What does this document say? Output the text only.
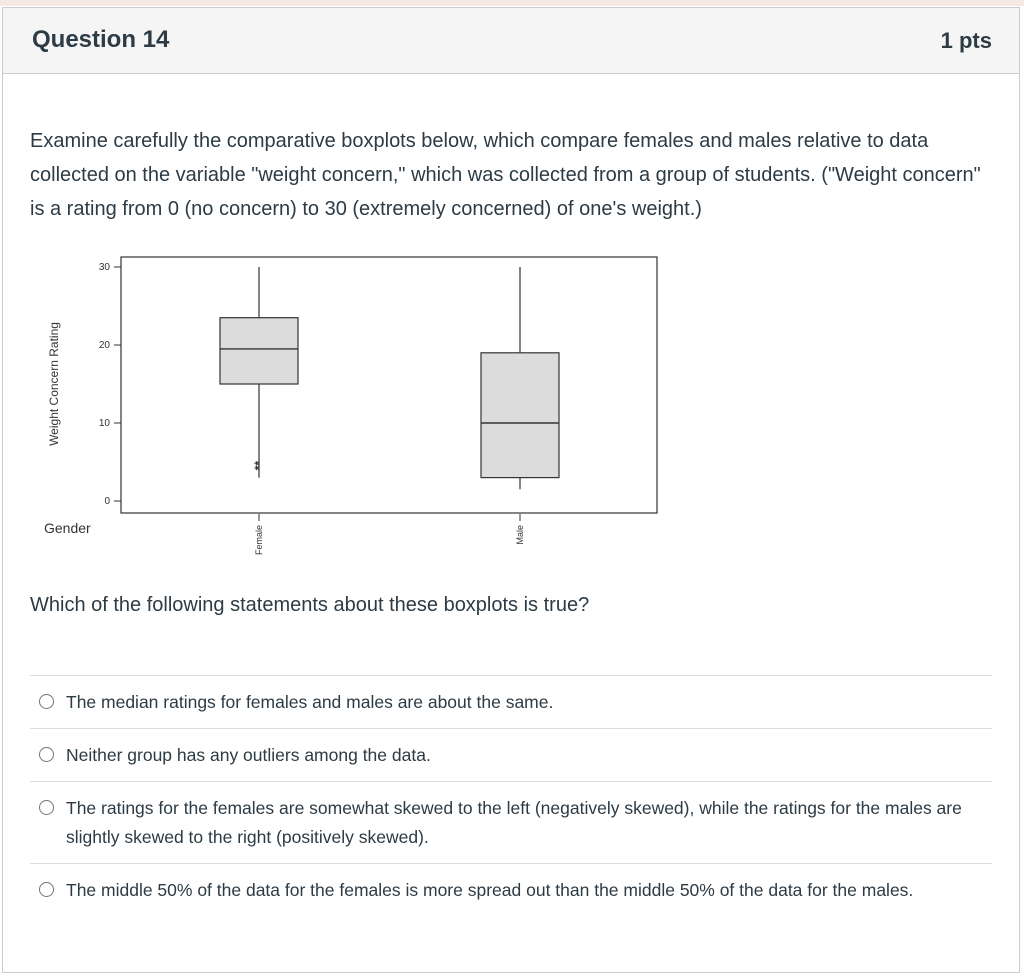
Question 14	1 pts
Examine carefully the comparative boxplots below, which compare females and males relative to data collected on the variable "weight concern," which was collected from a group of students. ("Weight concern" is a rating from 0 (no concern) to 30 (extremely concerned) of one's weight.)
0
10
20
30
Weight Concern Rating
Gender
**
Female	Male
Which of the following statements about these boxplots is true?
The median ratings for females and males are about the same.
Neither group has any outliers among the data.
The ratings for the females are somewhat skewed to the left (negatively skewed), while the ratings for the males are slightly skewed to the right (positively skewed).
The middle 50% of the data for the females is more spread out than the middle 50% of the data for the males.
